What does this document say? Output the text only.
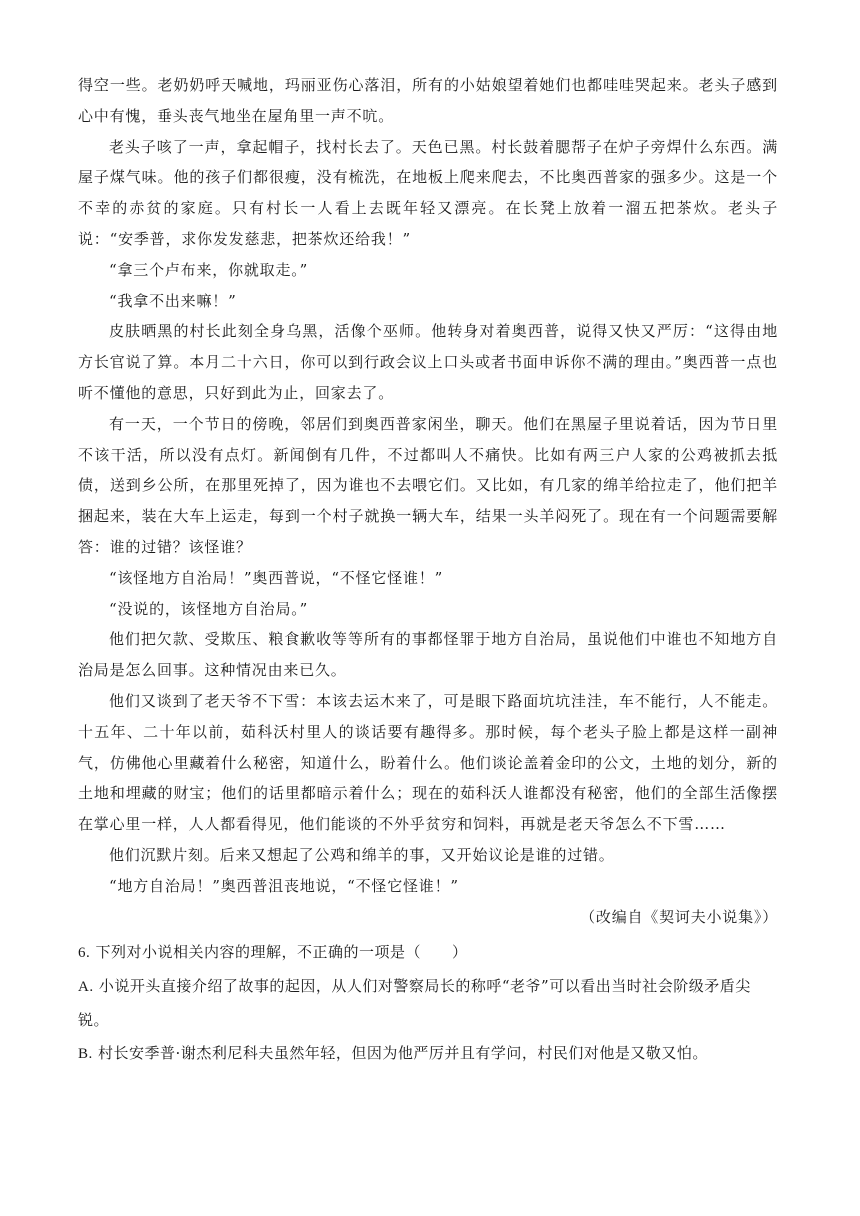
得空一些。老奶奶呼天喊地，玛丽亚伤心落泪，所有的小姑娘望着她们也都哇哇哭起来。老头子感到心中有愧，垂头丧气地坐在屋角里一声不吭。

老头子咳了一声，拿起帽子，找村长去了。天色已黑。村长鼓着腮帮子在炉子旁焊什么东西。满屋子煤气味。他的孩子们都很瘦，没有梳洗，在地板上爬来爬去，不比奥西普家的强多少。这是一个不幸的赤贫的家庭。只有村长一人看上去既年轻又漂亮。在长凳上放着一溜五把茶炊。老头子说：“安季普，求你发发慈悲，把茶炊还给我！”

“拿三个卢布来，你就取走。”

“我拿不出来嘛！”

皮肤晒黑的村长此刻全身乌黑，活像个巫师。他转身对着奥西普，说得又快又严厉：“这得由地方长官说了算。本月二十六日，你可以到行政会议上口头或者书面申诉你不满的理由。”奥西普一点也听不懂他的意思，只好到此为止，回家去了。

有一天，一个节日的傍晚，邻居们到奥西普家闲坐，聊天。他们在黑屋子里说着话，因为节日里不该干活，所以没有点灯。新闻倒有几件，不过都叫人不痛快。比如有两三户人家的公鸡被抓去抵债，送到乡公所，在那里死掉了，因为谁也不去喂它们。又比如，有几家的绵羊给拉走了，他们把羊捆起来，装在大车上运走，每到一个村子就换一辆大车，结果一头羊闷死了。现在有一个问题需要解答：谁的过错？该怪谁？

“该怪地方自治局！”奥西普说，“不怪它怪谁！”

“没说的，该怪地方自治局。”

他们把欠款、受欺压、粮食歉收等等所有的事都怪罪于地方自治局，虽说他们中谁也不知地方自治局是怎么回事。这种情况由来已久。

他们又谈到了老天爷不下雪：本该去运木来了，可是眼下路面坑坑洼洼，车不能行，人不能走。十五年、二十年以前，茹科沃村里人的谈话要有趣得多。那时候，每个老头子脸上都是这样一副神气，仿佛他心里藏着什么秘密，知道什么，盼着什么。他们谈论盖着金印的公文，土地的划分，新的土地和埋藏的财宝；他们的话里都暗示着什么；现在的茹科沃人谁都没有秘密，他们的全部生活像摆在掌心里一样，人人都看得见，他们能谈的不外乎贫穷和饲料，再就是老天爷怎么不下雪……

他们沉默片刻。后来又想起了公鸡和绵羊的事，又开始议论是谁的过错。

“地方自治局！”奥西普沮丧地说，“不怪它怪谁！”

（改编自《契诃夫小说集》）

6. 下列对小说相关内容的理解，不正确的一项是（　　）

A. 小说开头直接介绍了故事的起因，从人们对警察局长的称呼“老爷”可以看出当时社会阶级矛盾尖锐。

B. 村长安季普·谢杰利尼科夫虽然年轻，但因为他严厉并且有学问，村民们对他是又敬又怕。
